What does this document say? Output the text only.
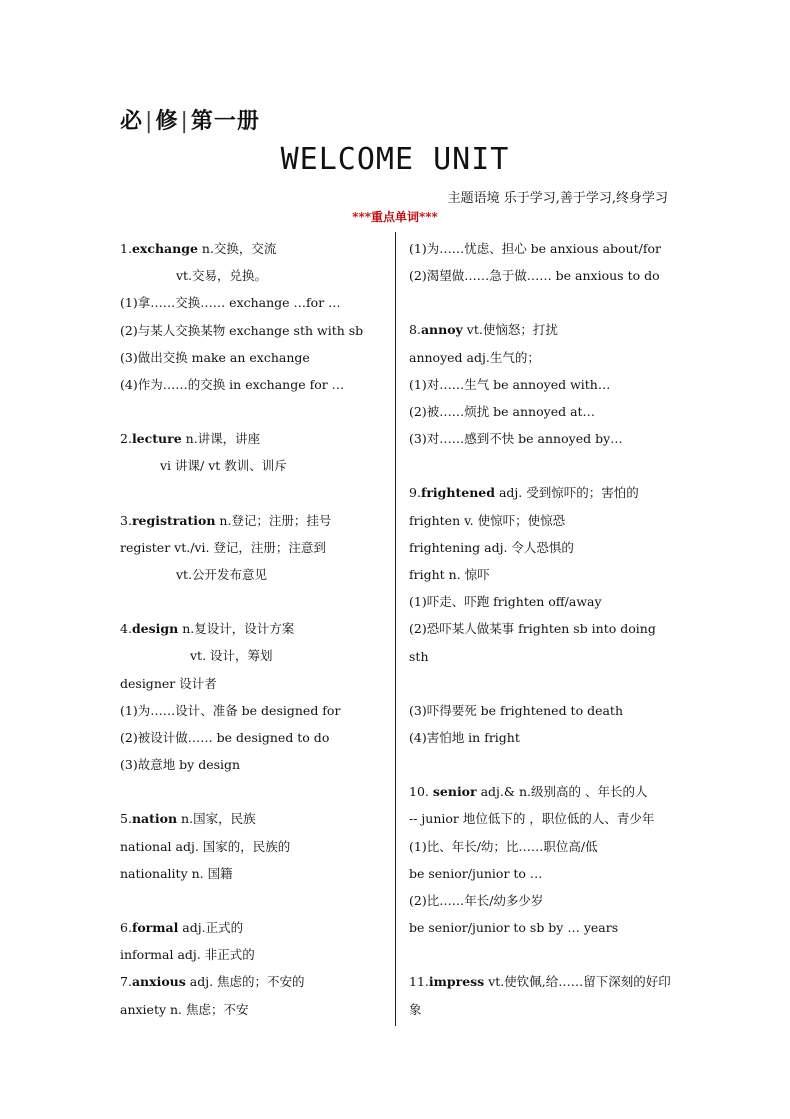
必|修|第一册
WELCOME UNIT
主题语境 乐于学习,善于学习,终身学习
***重点单词***
1.exchange n.交换，交流
vt.交易，兑换。
(1)拿……交换…… exchange …for …
(2)与某人交换某物 exchange sth with sb
(3)做出交换 make an exchange
(4)作为……的交换 in exchange for …
2.lecture n.讲课，讲座
vi 讲课/ vt 教训、训斥
3.registration n.登记；注册；挂号
register vt./vi. 登记，注册；注意到
vt.公开发布意见
4.design n.复设计，设计方案
vt. 设计，筹划
designer 设计者
(1)为……设计、准备 be designed for
(2)被设计做…… be designed to do
(3)故意地 by design
5.nation n.国家，民族
national adj. 国家的，民族的
nationality n. 国籍
6.formal adj.正式的
informal adj. 非正式的
7.anxious adj. 焦虑的；不安的
anxiety n. 焦虑；不安
(1)为……忧虑、担心 be anxious about/for
(2)渴望做……急于做…… be anxious to do
8.annoy vt.使恼怒；打扰
annoyed adj.生气的；
(1)对……生气 be annoyed with…
(2)被……烦扰 be annoyed at…
(3)对……感到不快 be annoyed by…
9.frightened adj. 受到惊吓的；害怕的
frighten v. 使惊吓；使惊恐
frightening adj. 令人恐惧的
fright n. 惊吓
(1)吓走、吓跑 frighten off/away
(2)恐吓某人做某事 frighten sb into doing sth
(3)吓得要死 be frightened to death
(4)害怕地 in fright
10. senior adj.& n.级别高的 、年长的人
-- junior 地位低下的 ，职位低的人、青少年
(1)比、年长/幼；比……职位高/低
be senior/junior to …
(2)比……年长/幼多少岁
be senior/junior to sb by … years
11.impress vt.使钦佩,给……留下深刻的好印象
